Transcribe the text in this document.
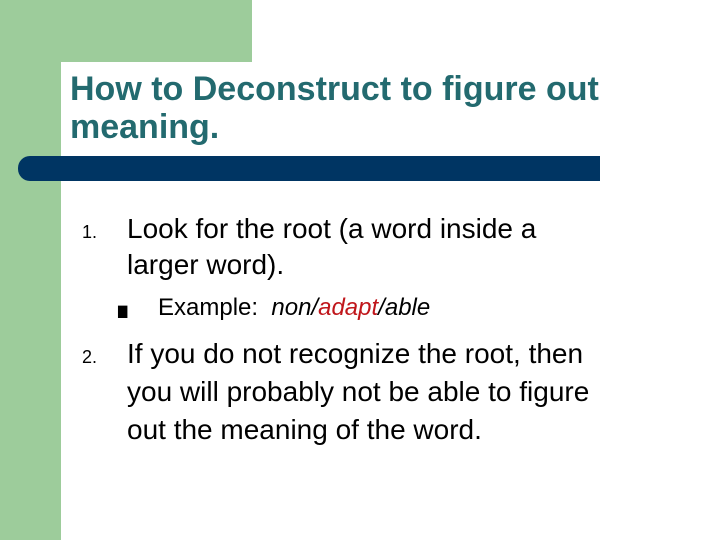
How to Deconstruct to figure out meaning.
1. Look for the root (a word inside a
larger word).
▇ Example: non/adapt/able
2. If you do not recognize the root, then
you will probably not be able to figure
out the meaning of the word.
